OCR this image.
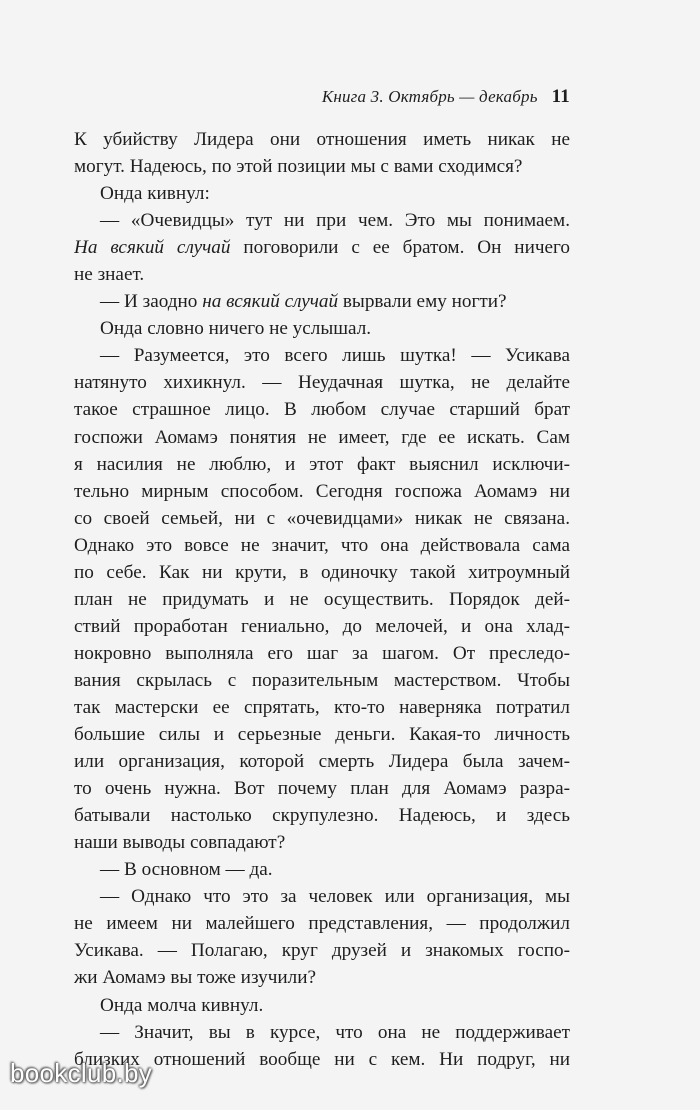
Книга 3. Октябрь — декабрь 11
К убийству Лидера они отношения иметь никак не
могут. Надеюсь, по этой позиции мы с вами сходимся?
Онда кивнул:
— «Очевидцы» тут ни при чем. Это мы понимаем.
На всякий случай поговорили с ее братом. Он ничего
не знает.
— И заодно на всякий случай вырвали ему ногти?
Онда словно ничего не услышал.
— Разумеется, это всего лишь шутка! — Усикава
натянуто хихикнул. — Неудачная шутка, не делайте
такое страшное лицо. В любом случае старший брат
госпожи Аомамэ понятия не имеет, где ее искать. Сам
я насилия не люблю, и этот факт выяснил исключи-
тельно мирным способом. Сегодня госпожа Аомамэ ни
со своей семьей, ни с «очевидцами» никак не связана.
Однако это вовсе не значит, что она действовала сама
по себе. Как ни крути, в одиночку такой хитроумный
план не придумать и не осуществить. Порядок дей-
ствий проработан гениально, до мелочей, и она хлад-
нокровно выполняла его шаг за шагом. От преследо-
вания скрылась с поразительным мастерством. Чтобы
так мастерски ее спрятать, кто-то наверняка потратил
большие силы и серьезные деньги. Какая-то личность
или организация, которой смерть Лидера была зачем-
то очень нужна. Вот почему план для Аомамэ разра-
батывали настолько скрупулезно. Надеюсь, и здесь
наши выводы совпадают?
— В основном — да.
— Однако что это за человек или организация, мы
не имеем ни малейшего представления, — продолжил
Усикава. — Полагаю, круг друзей и знакомых госпо-
жи Аомамэ вы тоже изучили?
Онда молча кивнул.
— Значит, вы в курсе, что она не поддерживает
близких отношений вообще ни с кем. Ни подруг, ни
bookclub.by
